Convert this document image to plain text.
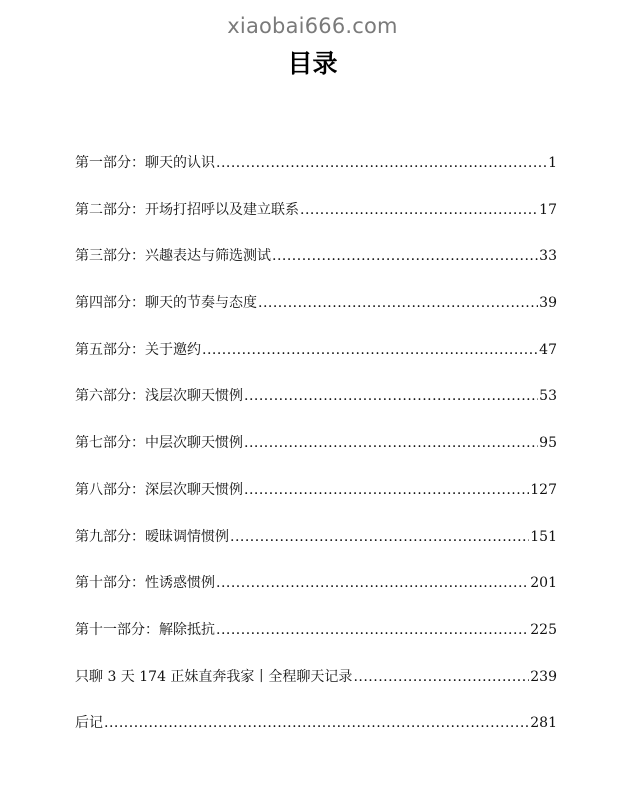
xiaobai666.com
目录
第一部分：聊天的认识 .....	1
第二部分：开场打招呼以及建立联系 .....	17
第三部分：兴趣表达与筛选测试 .....	33
第四部分：聊天的节奏与态度 .....	39
第五部分：关于邀约 .....	47
第六部分：浅层次聊天惯例 .....	53
第七部分：中层次聊天惯例 .....	95
第八部分：深层次聊天惯例 .....	127
第九部分：暧昧调情惯例 .....	151
第十部分：性诱惑惯例 .....	201
第十一部分：解除抵抗 .....	225
只聊 3 天 174 正妹直奔我家丨全程聊天记录 .....	239
后记 .....	281
